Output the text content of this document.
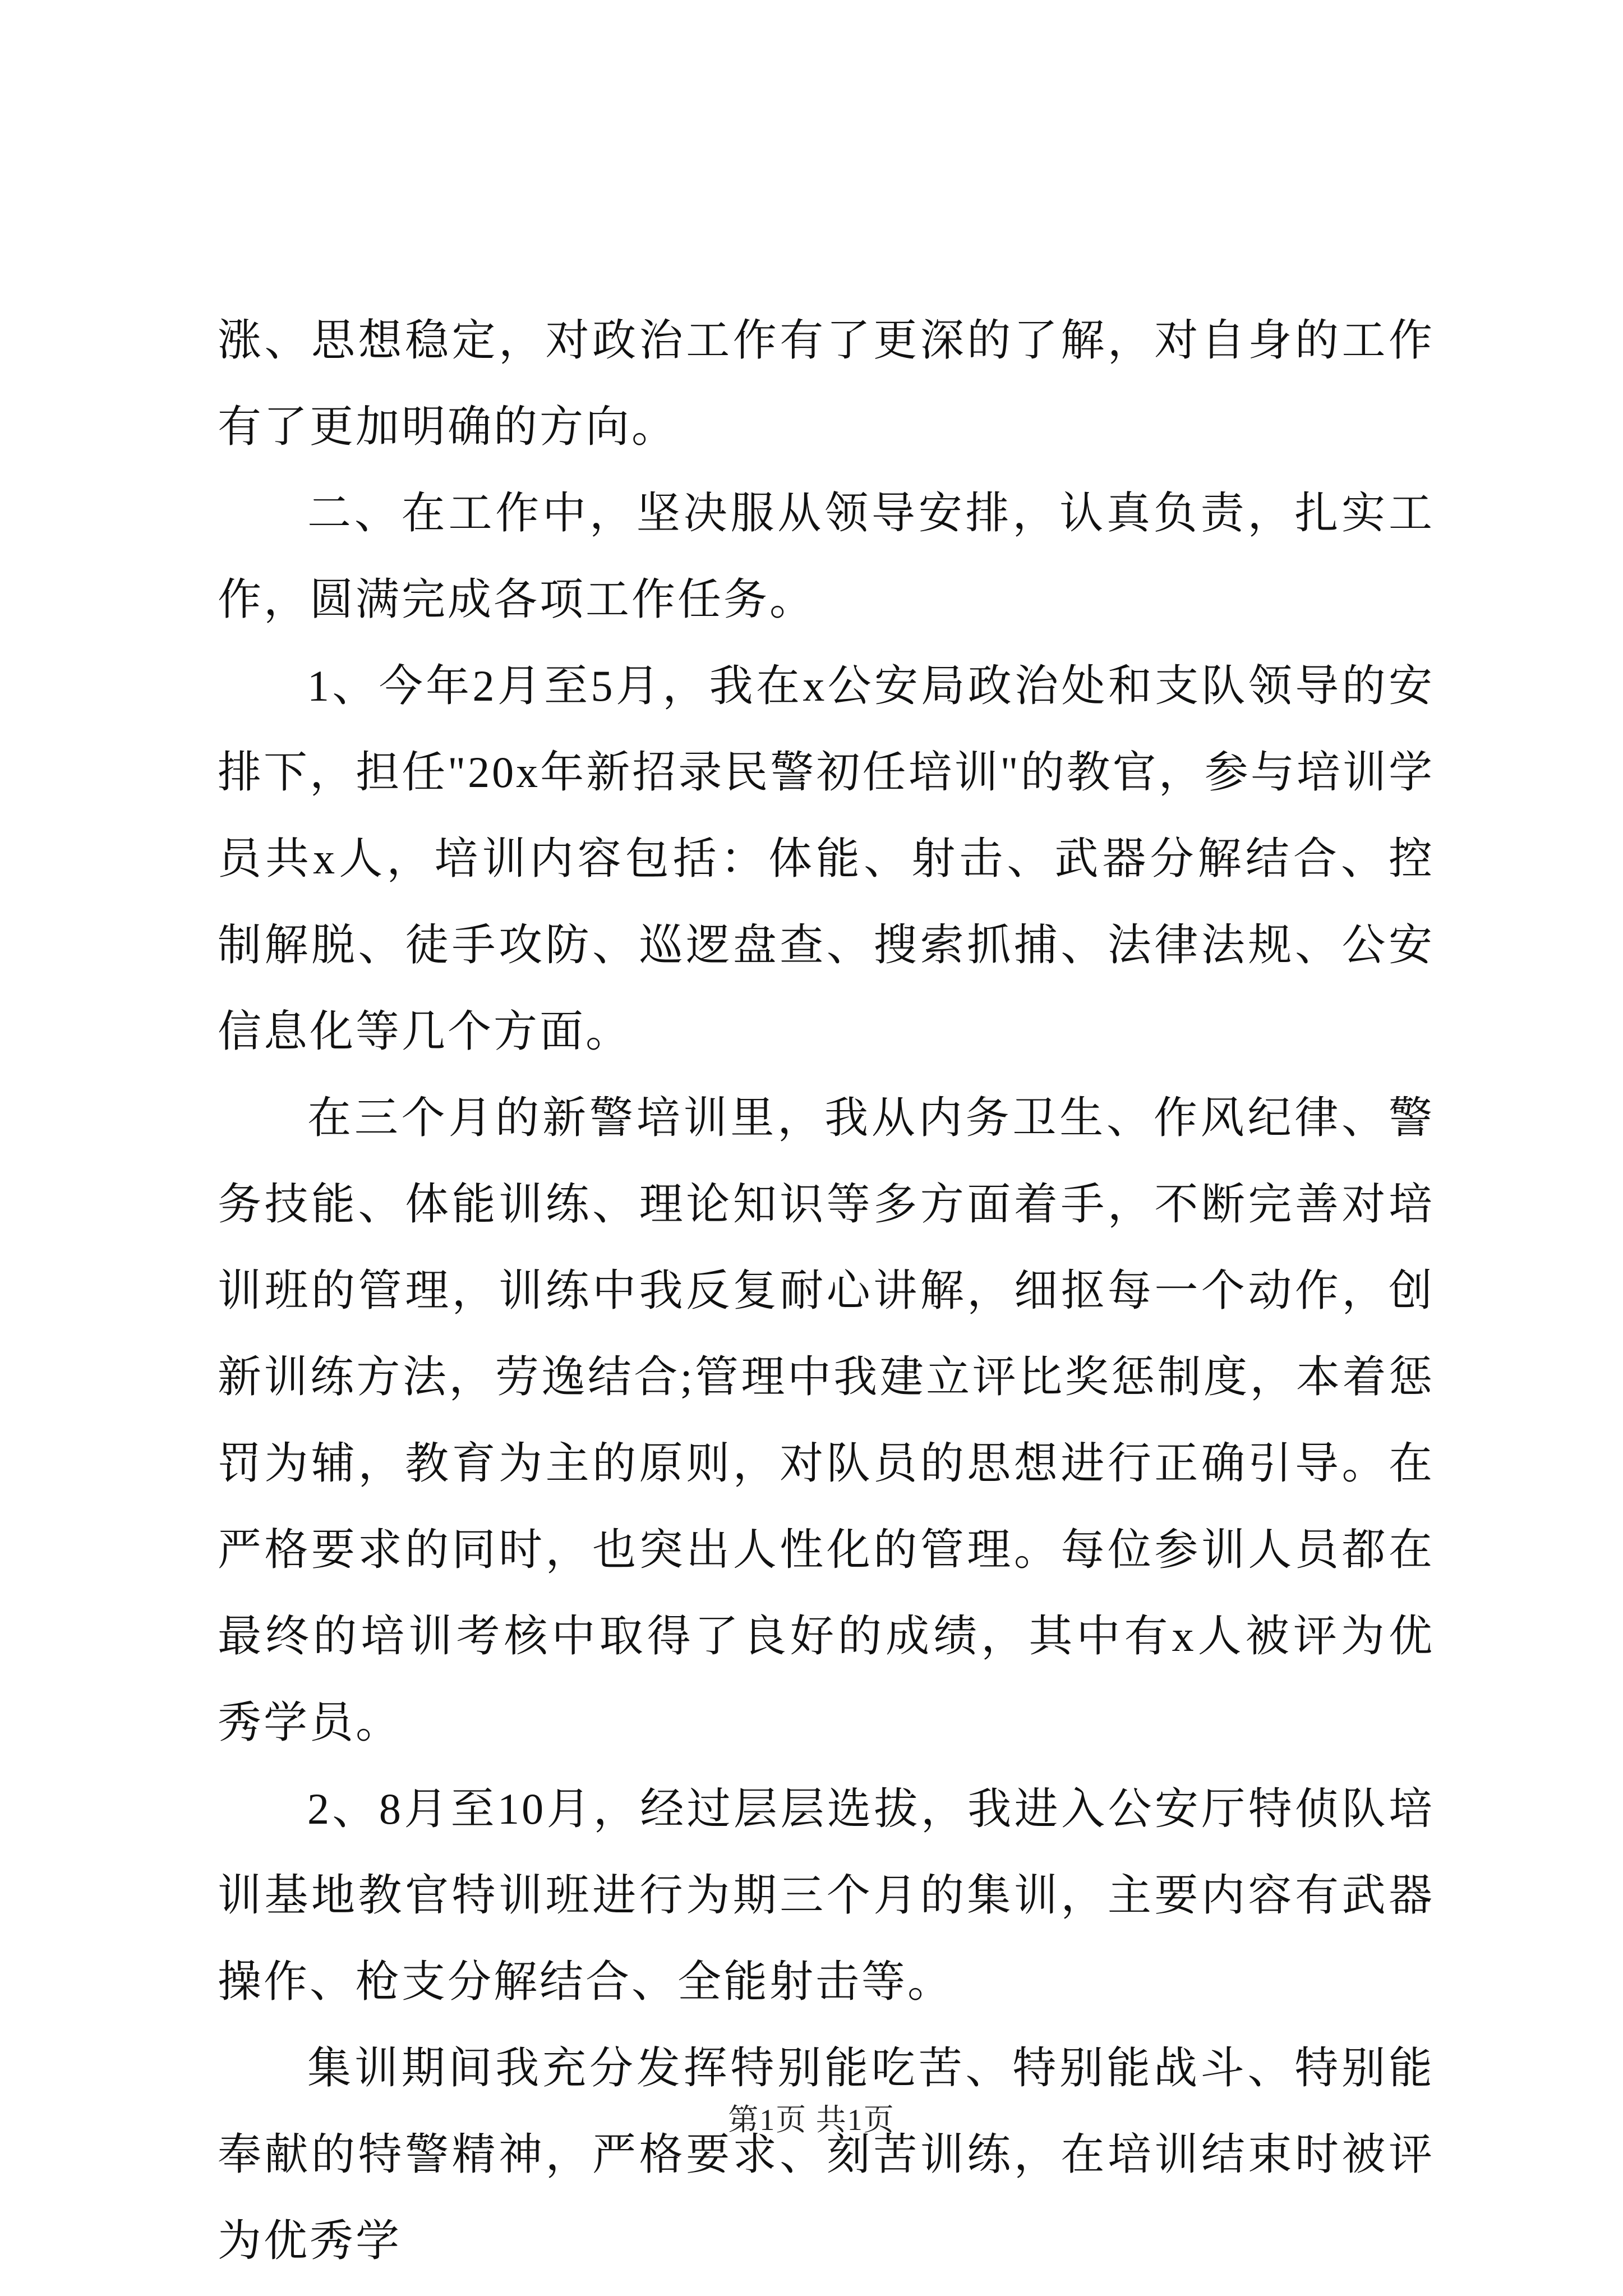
涨、思想稳定，对政治工作有了更深的了解，对自身的工作有了更加明确的方向。

二、在工作中，坚决服从领导安排，认真负责，扎实工作，圆满完成各项工作任务。

1、今年2月至5月，我在x公安局政治处和支队领导的安排下，担任"20x年新招录民警初任培训"的教官，参与培训学员共x人，培训内容包括：体能、射击、武器分解结合、控制解脱、徒手攻防、巡逻盘查、搜索抓捕、法律法规、公安信息化等几个方面。

在三个月的新警培训里，我从内务卫生、作风纪律、警务技能、体能训练、理论知识等多方面着手，不断完善对培训班的管理，训练中我反复耐心讲解，细抠每一个动作，创新训练方法，劳逸结合;管理中我建立评比奖惩制度，本着惩罚为辅，教育为主的原则，对队员的思想进行正确引导。在严格要求的同时，也突出人性化的管理。每位参训人员都在最终的培训考核中取得了良好的成绩，其中有x人被评为优秀学员。

2、8月至10月，经过层层选拔，我进入公安厅特侦队培训基地教官特训班进行为期三个月的集训，主要内容有武器操作、枪支分解结合、全能射击等。

集训期间我充分发挥特别能吃苦、特别能战斗、特别能奉献的特警精神，严格要求、刻苦训练，在培训结束时被评为优秀学

第1页 共1页
